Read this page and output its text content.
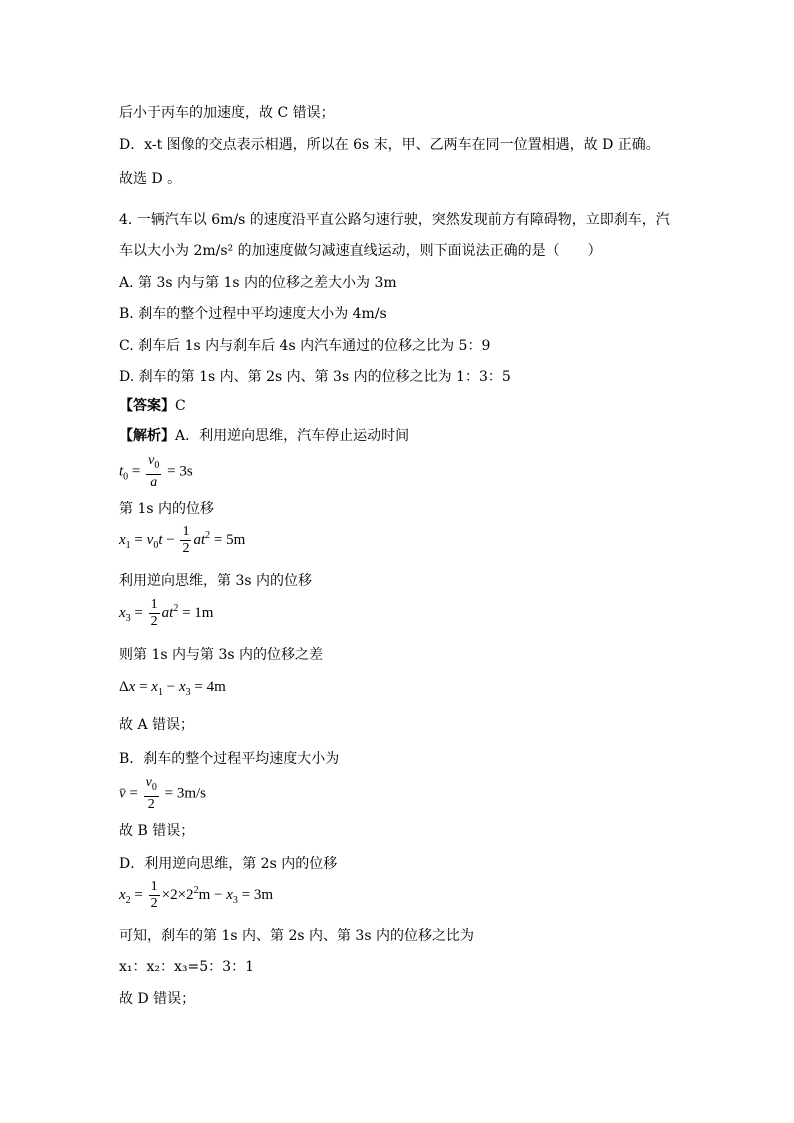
后小于丙车的加速度，故 C 错误；
D．x-t 图像的交点表示相遇，所以在 6s 末，甲、乙两车在同一位置相遇，故 D 正确。
故选 D 。
4. 一辆汽车以 6m/s 的速度沿平直公路匀速行驶，突然发现前方有障碍物，立即刹车，汽
车以大小为 2m/s² 的加速度做匀减速直线运动，则下面说法正确的是（　　）
A. 第 3s 内与第 1s 内的位移之差大小为 3m
B. 刹车的整个过程中平均速度大小为 4m/s
C. 刹车后 1s 内与刹车后 4s 内汽车通过的位移之比为 5：9
D. 刹车的第 1s 内、第 2s 内、第 3s 内的位移之比为 1：3：5
【答案】C
【解析】A．利用逆向思维，汽车停止运动时间
$t_0 = \frac{v_0}{a} = 3s$
第 1s 内的位移
$x_1 = v_0t - \frac{1}{2} at^2 = 5m$
利用逆向思维，第 3s 内的位移
$x_3 = \frac{1}{2} at^2 = 1m$
则第 1s 内与第 3s 内的位移之差
$\Delta x = x_1 - x_3 = 4m$
故 A 错误；
B．刹车的整个过程平均速度大小为
v̄ = $\frac{v_0}{2} = 3m/s$
故 B 错误；
D．利用逆向思维，第 2s 内的位移
$x_2 = \frac{1}{2} \times 2\times 2^2m - x_3 = 3m$
可知，刹车的第 1s 内、第 2s 内、第 3s 内的位移之比为
x₁：x₂：x₃=5：3：1
故 D 错误；
